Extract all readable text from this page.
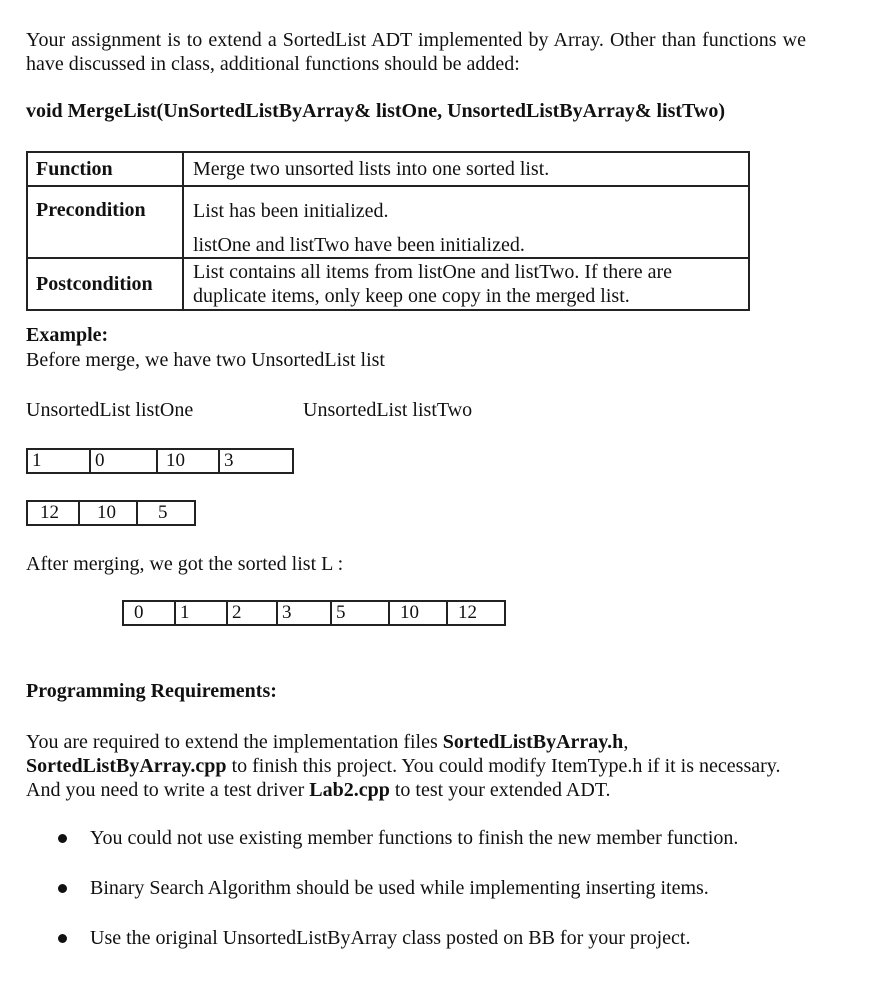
Your assignment is to extend a SortedList ADT implemented by Array. Other than functions we have discussed in class, additional functions should be added:
void MergeList(UnSortedListByArray& listOne, UnsortedListByArray& listTwo)
Function	Merge two unsorted lists into one sorted list.
Precondition	List has been initialized.
listOne and listTwo have been initialized.

Postcondition	List contains all items from listOne and listTwo. If there are duplicate items, only keep one copy in the merged list.
Example:
Before merge, we have two UnsortedList list
UnsortedList listOne	UnsortedList listTwo
1	0	10	3
12	10	5
After merging, we got the sorted list L :
0	1	2	3	5	10	12
Programming Requirements:
You are required to extend the implementation files SortedListByArray.h,
SortedListByArray.cpp to finish this project. You could modify ItemType.h if it is necessary. And you need to write a test driver Lab2.cpp to test your extended ADT.
You could not use existing member functions to finish the new member function.
Binary Search Algorithm should be used while implementing inserting items.
Use the original UnsortedListByArray class posted on BB for your project.
